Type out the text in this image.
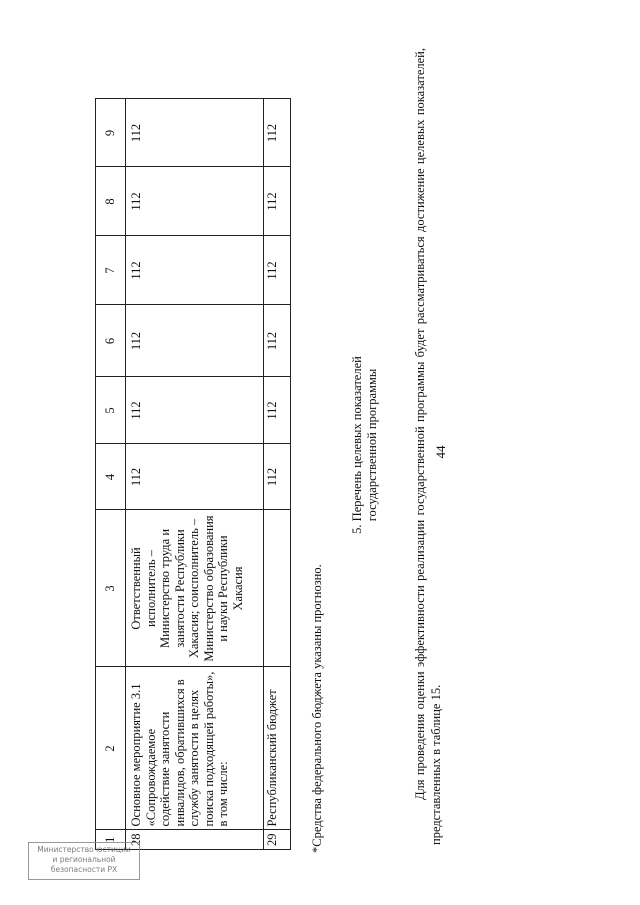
44
1	2	3	4	5	6	7	8	9
28	Основное мероприятие 3.1 «Сопровождаемое содействие занятости инвалидов, обратившихся в службу занятости в целях поиска подходящей работы», в том числе:	Ответственный исполнитель – Министерство труда и занятости Республики Хакасия; соисполнитель – Министерство образования и науки Республики Хакасия	112	112	112	112	112	112
29	Республиканский бюджет		112	112	112	112	112	112
*Средства федерального бюджета указаны прогнозно.
5. Перечень целевых показателей государственной программы	Для проведения оценки эффективности реализации государственной программы будет рассматриваться достижение целевых показателей, представленных в таблице 15.
Министерство юстиции
и региональной
безопасности РХ
